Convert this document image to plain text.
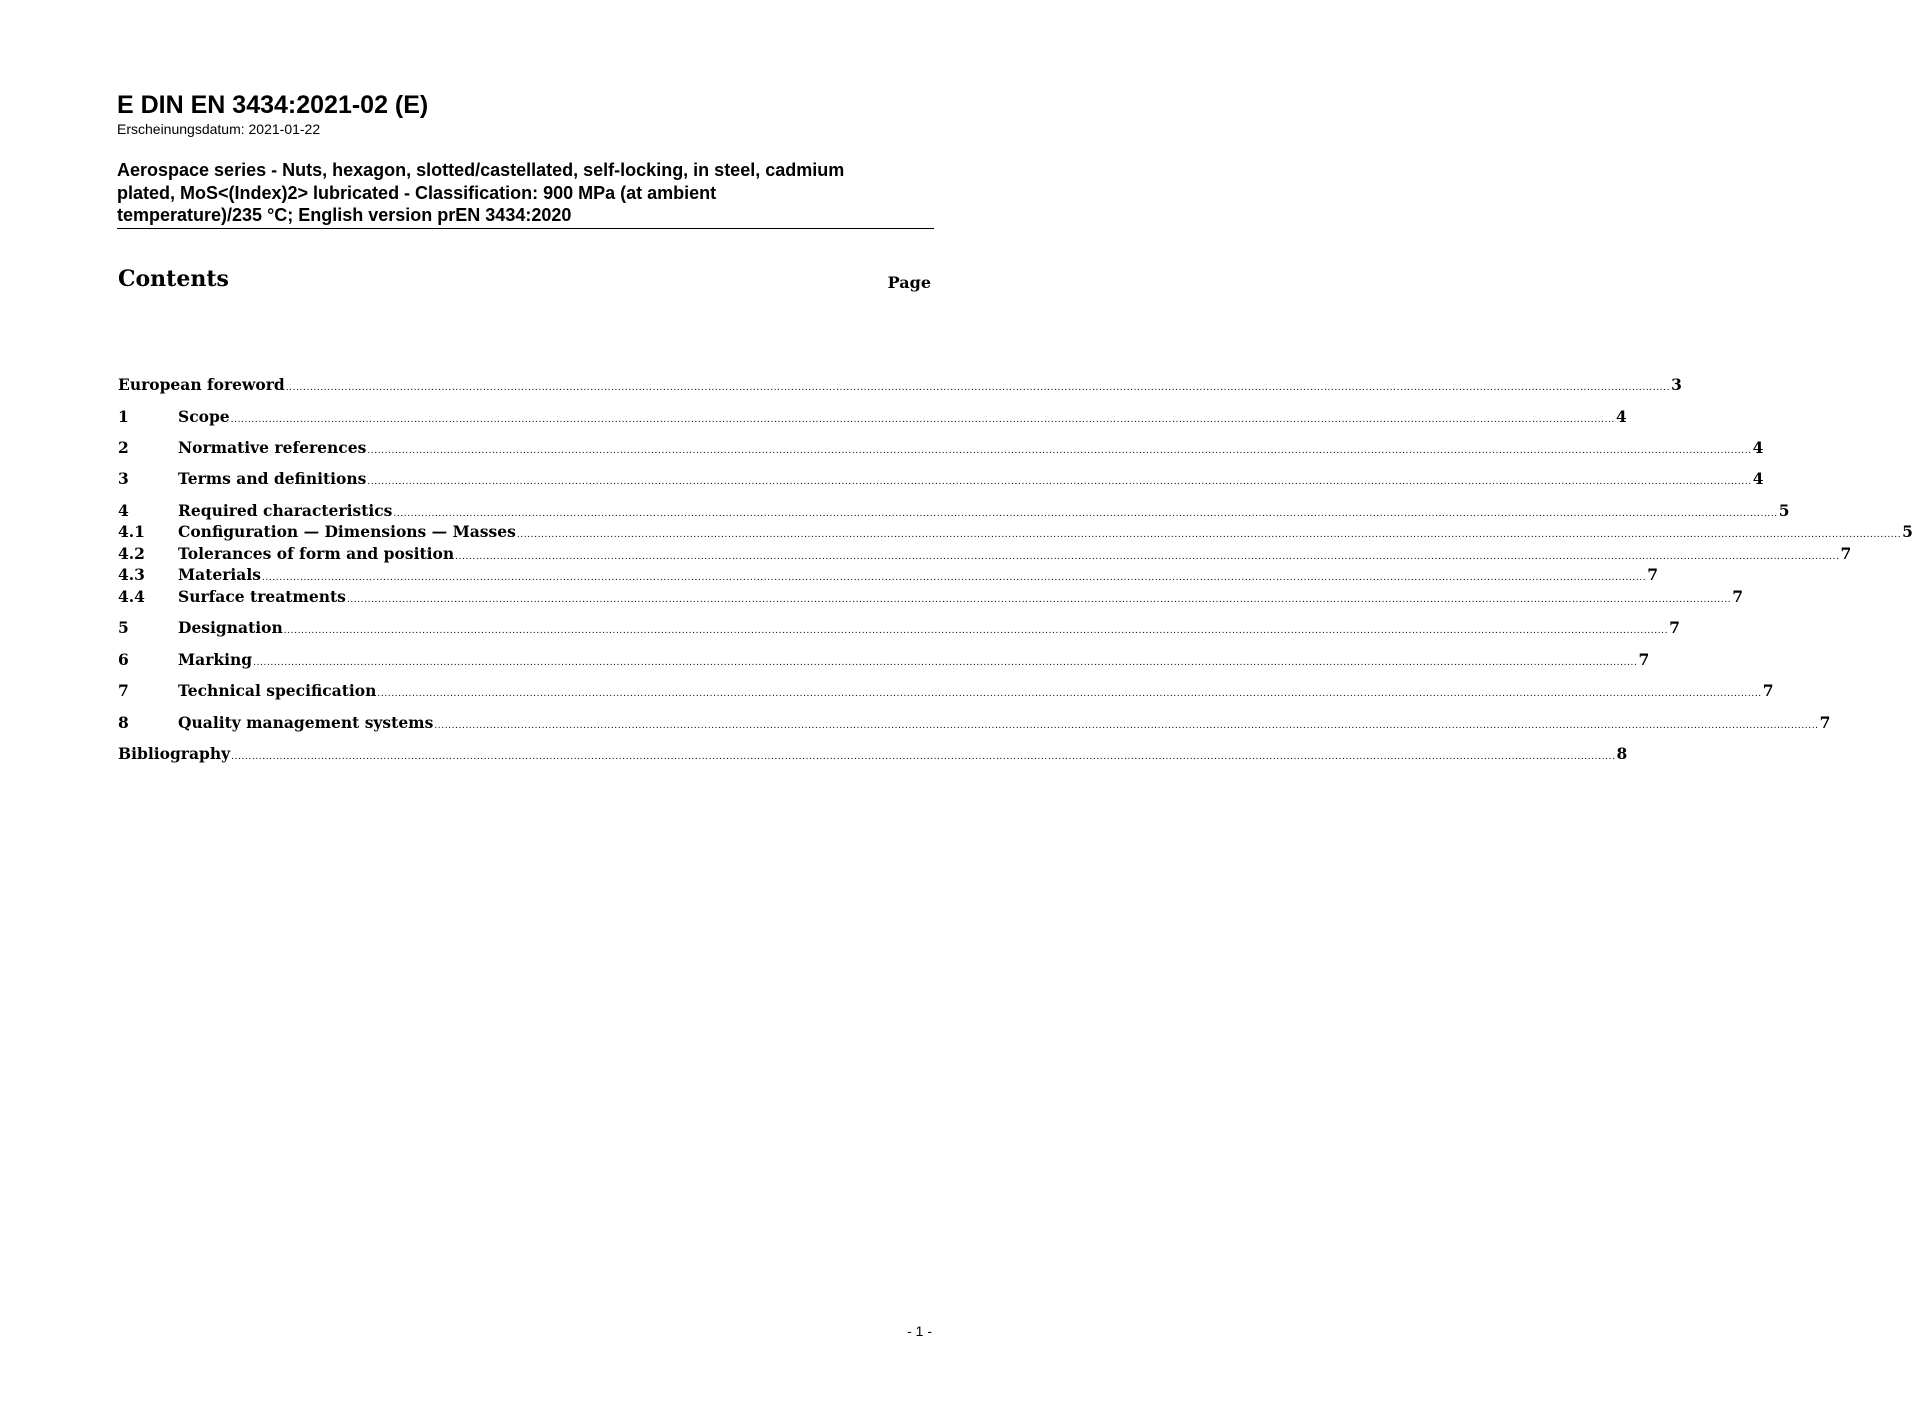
E DIN EN 3434:2021-02 (E)

Erscheinungsdatum: 2021-01-22

Aerospace series - Nuts, hexagon, slotted/castellated, self-locking, in steel, cadmium
plated, MoS<(Index)2> lubricated - Classification: 900 MPa (at ambient
temperature)/235 °C; English version prEN 3434:2020
Contents	Page
European foreword ................................................................................................................................................................................................................................................................................................................................................................................................................ 3
1	Scope ................................................................................................................................................................................................................................................................................................................................................................................................................ 4
2	Normative references ................................................................................................................................................................................................................................................................................................................................................................................................................ 4
3	Terms and definitions ................................................................................................................................................................................................................................................................................................................................................................................................................ 4
4	Required characteristics ................................................................................................................................................................................................................................................................................................................................................................................................................ 5
4.1	Configuration — Dimensions — Masses ................................................................................................................................................................................................................................................................................................................................................................................................................ 5
4.2	Tolerances of form and position ................................................................................................................................................................................................................................................................................................................................................................................................................ 7
4.3	Materials ................................................................................................................................................................................................................................................................................................................................................................................................................ 7
4.4	Surface treatments ................................................................................................................................................................................................................................................................................................................................................................................................................ 7
5	Designation ................................................................................................................................................................................................................................................................................................................................................................................................................ 7
6	Marking ................................................................................................................................................................................................................................................................................................................................................................................................................ 7
7	Technical specification ................................................................................................................................................................................................................................................................................................................................................................................................................ 7
8	Quality management systems ................................................................................................................................................................................................................................................................................................................................................................................................................ 7
Bibliography ................................................................................................................................................................................................................................................................................................................................................................................................................ 8
- 1 -
